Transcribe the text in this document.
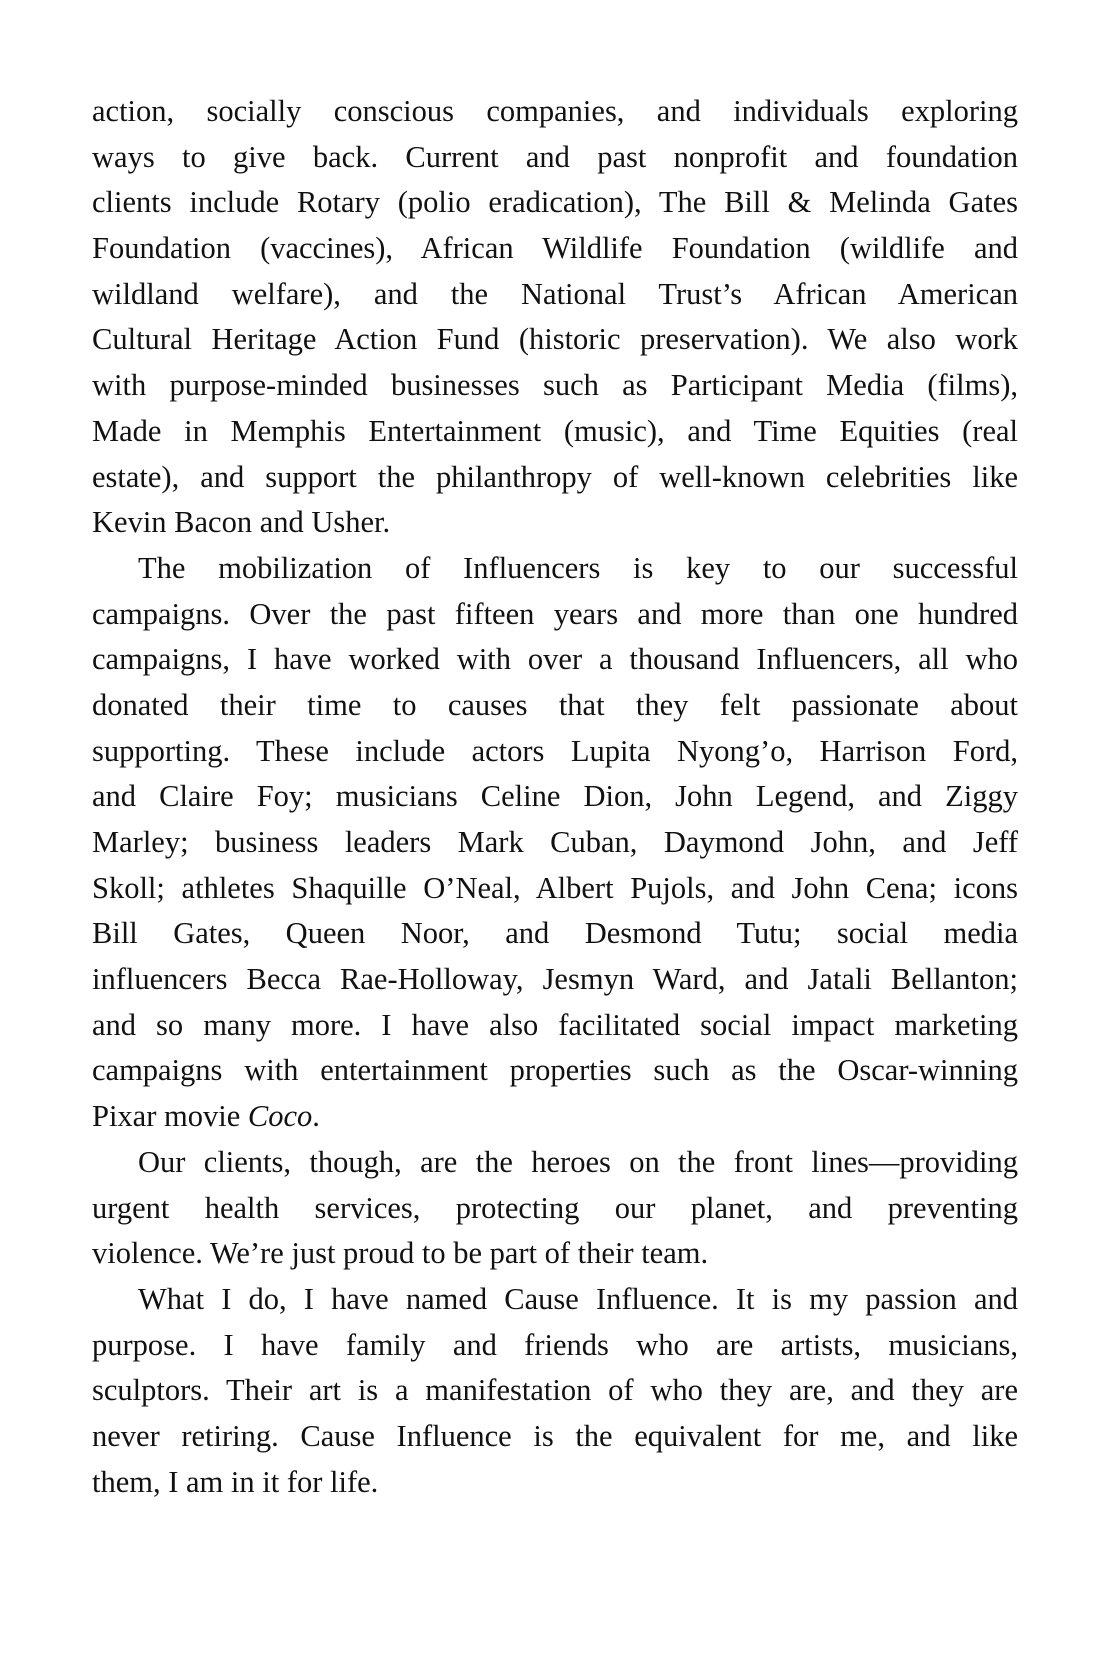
action, socially conscious companies, and individuals exploring
ways to give back. Current and past nonprofit and foundation
clients include Rotary (polio eradication), The Bill & Melinda Gates
Foundation (vaccines), African Wildlife Foundation (wildlife and
wildland welfare), and the National Trust’s African American
Cultural Heritage Action Fund (historic preservation). We also work
with purpose-minded businesses such as Participant Media (films),
Made in Memphis Entertainment (music), and Time Equities (real
estate), and support the philanthropy of well-known celebrities like
Kevin Bacon and Usher.
The mobilization of Influencers is key to our successful
campaigns. Over the past fifteen years and more than one hundred
campaigns, I have worked with over a thousand Influencers, all who
donated their time to causes that they felt passionate about
supporting. These include actors Lupita Nyong’o, Harrison Ford,
and Claire Foy; musicians Celine Dion, John Legend, and Ziggy
Marley; business leaders Mark Cuban, Daymond John, and Jeff
Skoll; athletes Shaquille O’Neal, Albert Pujols, and John Cena; icons
Bill Gates, Queen Noor, and Desmond Tutu; social media
influencers Becca Rae-Holloway, Jesmyn Ward, and Jatali Bellanton;
and so many more. I have also facilitated social impact marketing
campaigns with entertainment properties such as the Oscar-winning
Pixar movie Coco.
Our clients, though, are the heroes on the front lines—providing
urgent health services, protecting our planet, and preventing
violence. We’re just proud to be part of their team.
What I do, I have named Cause Influence. It is my passion and
purpose. I have family and friends who are artists, musicians,
sculptors. Their art is a manifestation of who they are, and they are
never retiring. Cause Influence is the equivalent for me, and like
them, I am in it for life.
